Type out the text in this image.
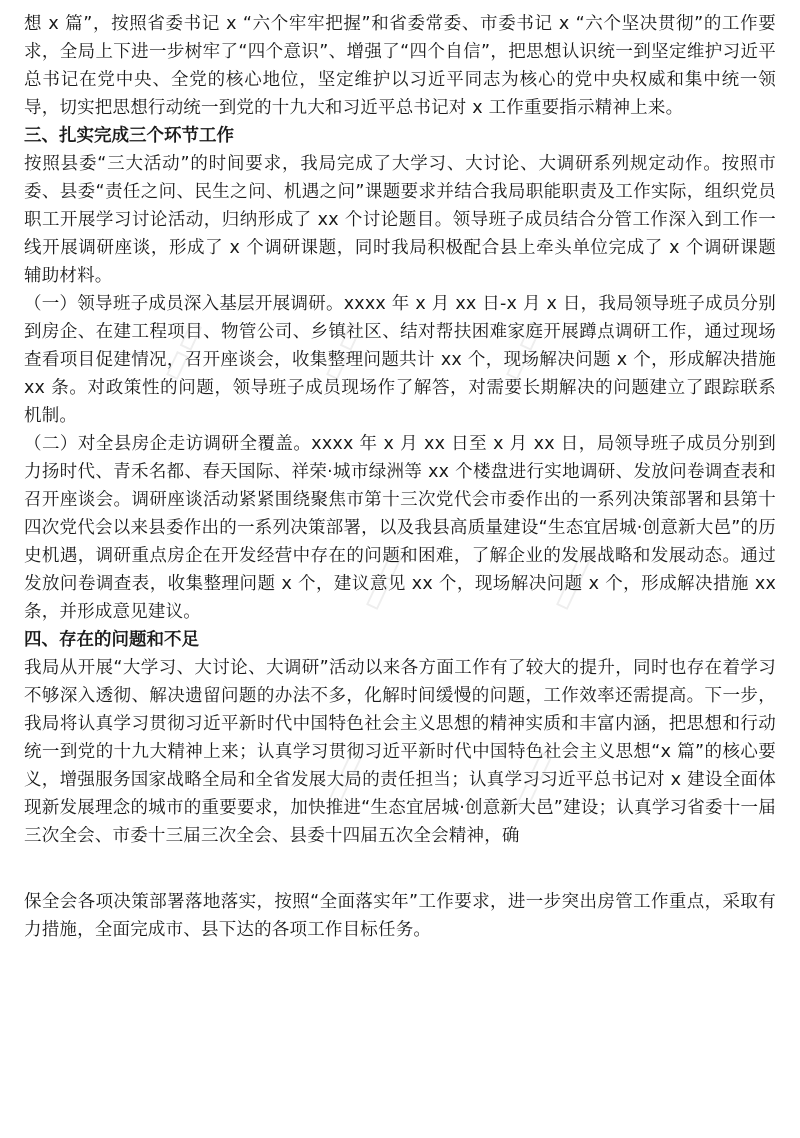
想 x 篇”，按照省委书记 x “六个牢牢把握”和省委常委、市委书记 x “六个坚决贯彻”的工作要求，全局上下进一步树牢了“四个意识”、增强了“四个自信”，把思想认识统一到坚定维护习近平总书记在党中央、全党的核心地位，坚定维护以习近平同志为核心的党中央权威和集中统一领导，切实把思想行动统一到党的十九大和习近平总书记对 x 工作重要指示精神上来。

三、扎实完成三个环节工作

按照县委“三大活动”的时间要求，我局完成了大学习、大讨论、大调研系列规定动作。按照市委、县委“责任之问、民生之问、机遇之问”课题要求并结合我局职能职责及工作实际，组织党员职工开展学习讨论活动，归纳形成了 xx 个讨论题目。领导班子成员结合分管工作深入到工作一线开展调研座谈，形成了 x 个调研课题，同时我局积极配合县上牵头单位完成了 x 个调研课题辅助材料。

（一）领导班子成员深入基层开展调研。xxxx 年 x 月 xx 日-x 月 x 日，我局领导班子成员分别到房企、在建工程项目、物管公司、乡镇社区、结对帮扶困难家庭开展蹲点调研工作，通过现场查看项目促建情况，召开座谈会，收集整理问题共计 xx 个，现场解决问题 x 个，形成解决措施 xx 条。对政策性的问题，领导班子成员现场作了解答，对需要长期解决的问题建立了跟踪联系机制。

（二）对全县房企走访调研全覆盖。xxxx 年 x 月 xx 日至 x 月 xx 日，局领导班子成员分别到力扬时代、青禾名都、春天国际、祥荣·城市绿洲等 xx 个楼盘进行实地调研、发放问卷调查表和召开座谈会。调研座谈活动紧紧围绕聚焦市第十三次党代会市委作出的一系列决策部署和县第十四次党代会以来县委作出的一系列决策部署，以及我县高质量建设“生态宜居城·创意新大邑”的历史机遇，调研重点房企在开发经营中存在的问题和困难，了解企业的发展战略和发展动态。通过发放问卷调查表，收集整理问题 x 个，建议意见 xx 个，现场解决问题 x 个，形成解决措施 xx 条，并形成意见建议。

四、存在的问题和不足

我局从开展“大学习、大讨论、大调研”活动以来各方面工作有了较大的提升，同时也存在着学习不够深入透彻、解决遗留问题的办法不多，化解时间缓慢的问题，工作效率还需提高。下一步，我局将认真学习贯彻习近平新时代中国特色社会主义思想的精神实质和丰富内涵，把思想和行动统一到党的十九大精神上来；认真学习贯彻习近平新时代中国特色社会主义思想“x 篇”的核心要义，增强服务国家战略全局和全省发展大局的责任担当；认真学习习近平总书记对 x 建设全面体现新发展理念的城市的重要要求，加快推进“生态宜居城·创意新大邑”建设；认真学习省委十一届三次全会、市委十三届三次全会、县委十四届五次全会精神，确

保全会各项决策部署落地落实，按照“全面落实年”工作要求，进一步突出房管工作重点，采取有力措施，全面完成市、县下达的各项工作目标任务。

▭▭	▭▭	▭▭
▭▭	▭▭
▭▭	▭▭
